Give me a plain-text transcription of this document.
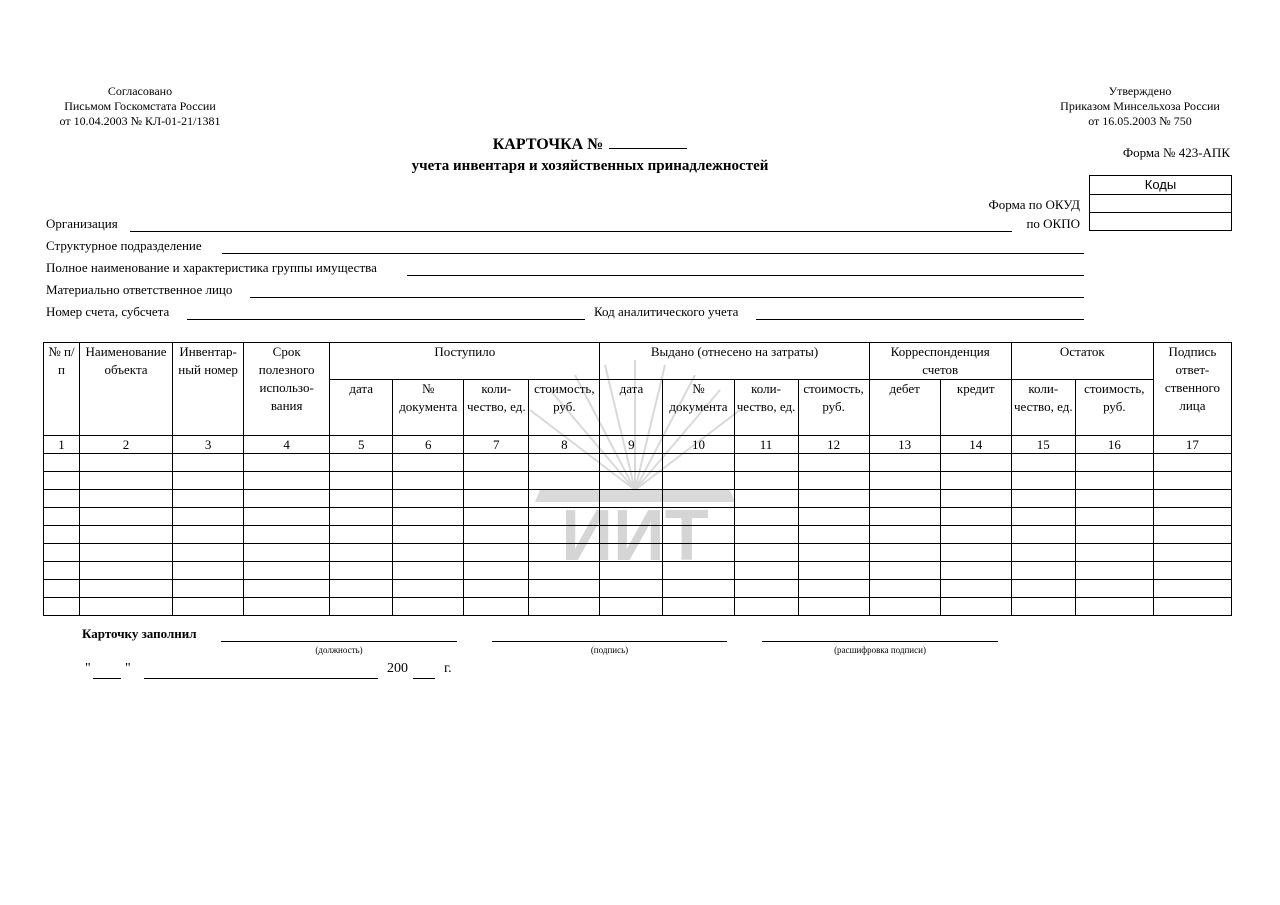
Согласовано
Письмом Госкомстата России
от 10.04.2003 № КЛ-01-21/1381
Утверждено
Приказом Минсельхоза России
от 16.05.2003 № 750
КАРТОЧКА №
учета инвентаря и хозяйственных принадлежностей
Форма № 423-АПК
Коды
Форма по ОКУД
по ОКПО
Организация
Структурное подразделение
Полное наименование и характеристика группы имущества
Материально ответственное лицо
Номер счета, субсчета	Код аналитического учета
ИИТ
№ п/п	Наименование объекта	Инвентар-ный номер	Срок полезного использо-вания	Поступило				Выдано (отнесено на затраты)				Корреспонденция счетов		Остаток		Подпись ответ-ственного лица
				дата	№ документа	коли-чество, ед.	стоимость, руб.	дата	№ документа	коли-чество, ед.	стоимость, руб.	дебет	кредит	коли-чество, ед.	стоимость, руб.	
1	2	3	4	5	6	7	8	9	10	11	12	13	14	15	16	17

Карточку заполнил
(должность)	(подпись)	(расшифровка подписи)
" "	200	г.
